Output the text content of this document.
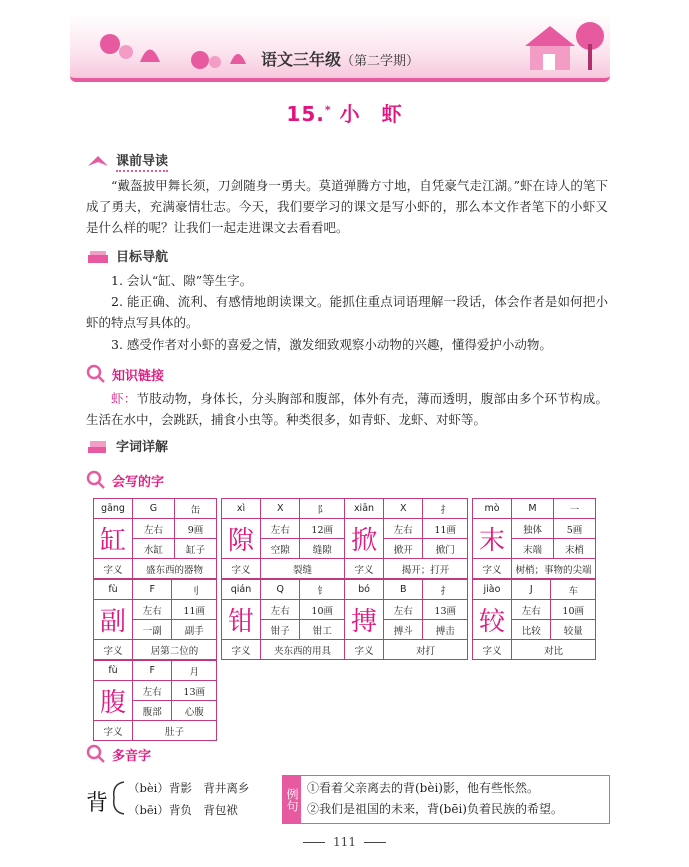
语文三年级（第二学期）
15.* 小　虾
课前导读

“戴盔披甲舞长须，刀剑随身一勇夫。莫道弹腾方寸地，自凭豪气走江湖。”虾在诗人的笔下成了勇夫，充满豪情壮志。今天，我们要学习的课文是写小虾的，那么本文作者笔下的小虾又是什么样的呢？让我们一起走进课文去看看吧。

目标导航

1. 会认“缸、隙”等生字。

2. 能正确、流利、有感情地朗读课文。能抓住重点词语理解一段话，体会作者是如何把小虾的特点写具体的。

3. 感受作者对小虾的喜爱之情，激发细致观察小动物的兴趣，懂得爱护小动物。

知识链接

虾：节肢动物，身体长，分头胸部和腹部，体外有壳，薄而透明，腹部由多个环节构成。生活在水中，会跳跃，捕食小虫等。种类很多，如青虾、龙虾、对虾等。

字词详解
会写的字
gāng	G	缶
缸	左右	9画
	水缸	缸子
字义	盛东西的器物	
xì	X	阝
隙	左右	12画
	空隙	缝隙
字义	裂缝	
xiān	X	扌
掀	左右	11画
	掀开	掀门
字义	揭开；打开	
mò	M	一
末	独体	5画
	末端	末梢
字义	树梢；事物的尖端	
fù	F	刂
副	左右	11画
	一副	副手
字义	居第二位的	
qián	Q	钅
钳	左右	10画
	钳子	钳工
字义	夹东西的用具	
bó	B	扌
搏	左右	13画
	搏斗	搏击
字义	对打	
jiào	J	车
较	左右	10画
	比较	较量
字义	对比	
fù	F	月
腹	左右	13画
	腹部	心腹
字义	肚子	
多音字
背
（bèi）背影　背井离乡
（bēi）背负　背包袱	例句 ①看着父亲离去的背(bèi)影，他有些怅然。
②我们是祖国的未来，背(bēi)负着民族的希望。
111
